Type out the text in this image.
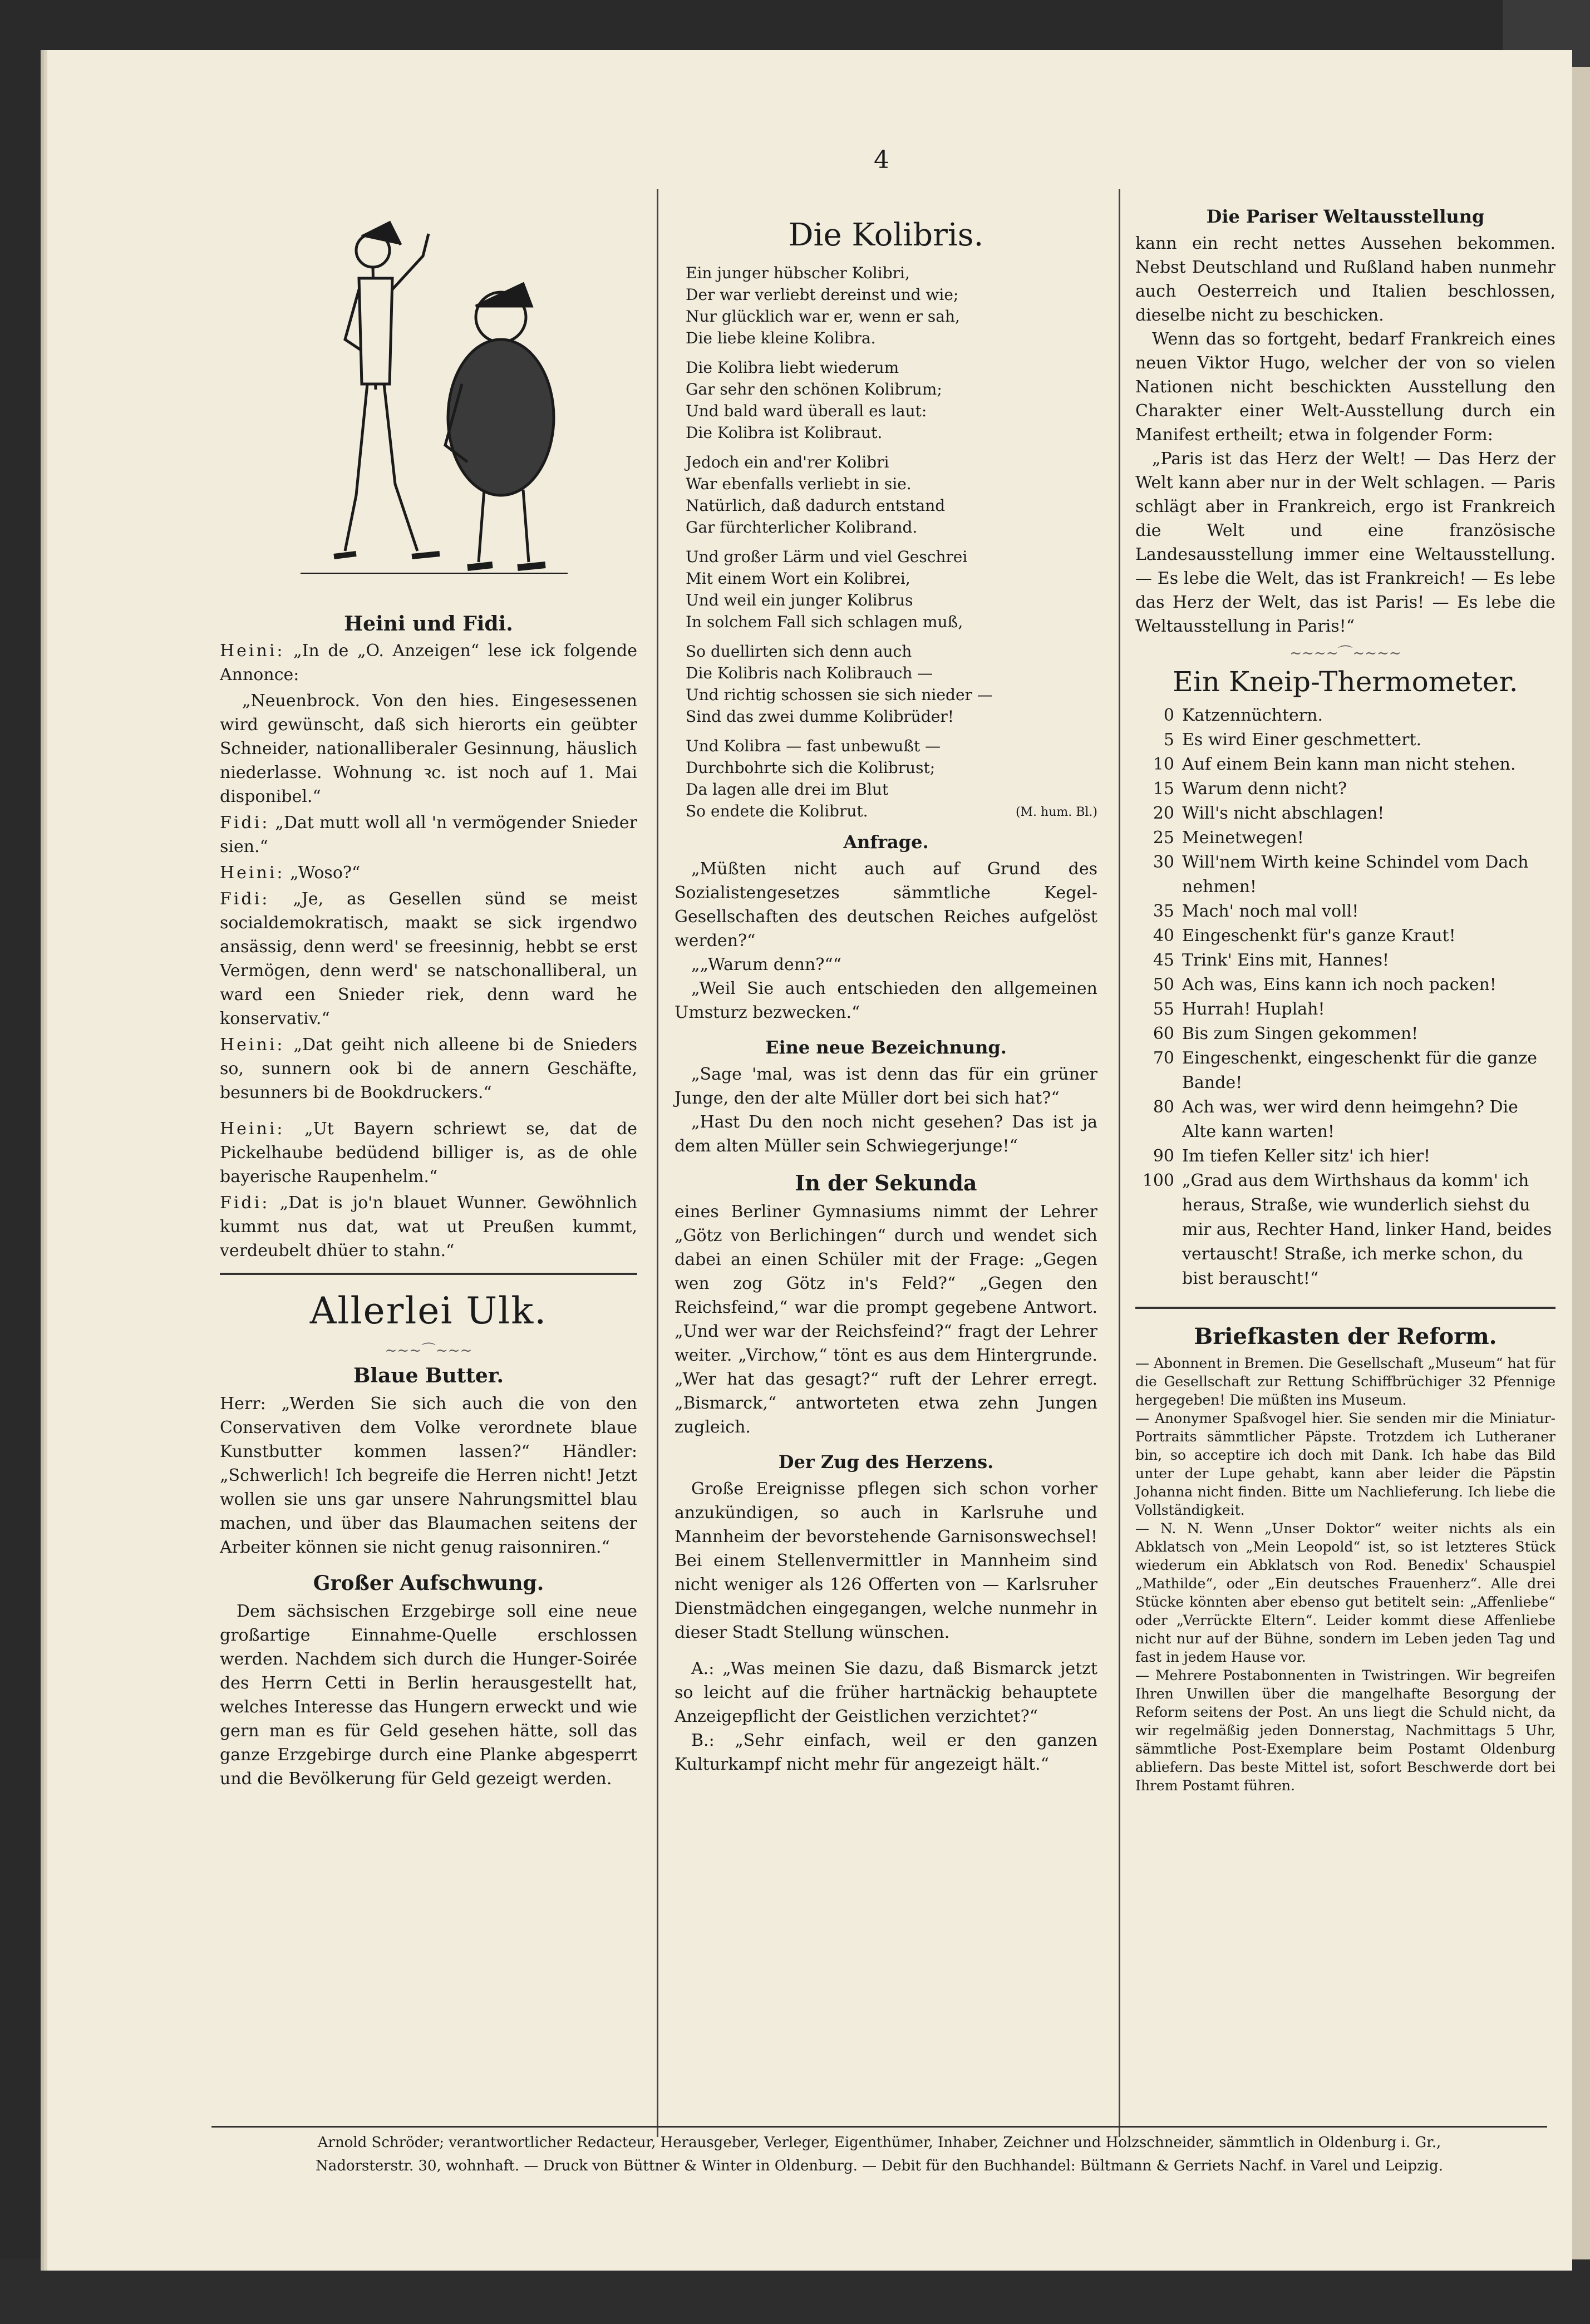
4
Heini und Fidi.

Heini: „In de „O. Anzeigen“ lese ick folgende Annonce:

„Neuenbrock. Von den hies. Eingesessenen wird gewünscht, daß sich hierorts ein geübter Schneider, nationalliberaler Gesinnung, häuslich niederlasse. Wohnung ꝛc. ist noch auf 1. Mai disponibel.“

Fidi: „Dat mutt woll all 'n vermögender Snieder sien.“

Heini: „Woso?“

Fidi: „Je, as Gesellen sünd se meist socialdemokratisch, maakt se sick irgendwo ansässig, denn werd' se freesinnig, hebbt se erst Vermögen, denn werd' se natschonalliberal, un ward een Snieder riek, denn ward he konservativ.“

Heini: „Dat geiht nich alleene bi de Snieders so, sunnern ook bi de annern Geschäfte, besunners bi de Bookdruckers.“

Heini: „Ut Bayern schriewt se, dat de Pickelhaube bedüdend billiger is, as de ohle bayerische Raupenhelm.“

Fidi: „Dat is jo'n blauet Wunner. Gewöhnlich kummt nus dat, wat ut Preußen kummt, verdeubelt dhüer to stahn.“

Allerlei Ulk.
~~~⌒~~~
Blaue Butter.

Herr: „Werden Sie sich auch die von den Conservativen dem Volke verordnete blaue Kunstbutter kommen lassen?“ Händler: „Schwerlich! Ich begreife die Herren nicht! Jetzt wollen sie uns gar unsere Nahrungsmittel blau machen, und über das Blaumachen seitens der Arbeiter können sie nicht genug raisonniren.“

Großer Aufschwung.

Dem sächsischen Erzgebirge soll eine neue großartige Einnahme-Quelle erschlossen werden. Nachdem sich durch die Hunger-Soirée des Herrn Cetti in Berlin herausgestellt hat, welches Interesse das Hungern erweckt und wie gern man es für Geld gesehen hätte, soll das ganze Erzgebirge durch eine Planke abgesperrt und die Bevölkerung für Geld gezeigt werden.

Die Kolibris.
Ein junger hübscher Kolibri,
Der war verliebt dereinst und wie;
Nur glücklich war er, wenn er sah,
Die liebe kleine Kolibra.
Die Kolibra liebt wiederum
Gar sehr den schönen Kolibrum;
Und bald ward überall es laut:
Die Kolibra ist Kolibraut.
Jedoch ein and'rer Kolibri
War ebenfalls verliebt in sie.
Natürlich, daß dadurch entstand
Gar fürchterlicher Kolibrand.
Und großer Lärm und viel Geschrei
Mit einem Wort ein Kolibrei,
Und weil ein junger Kolibrus
In solchem Fall sich schlagen muß,
So duellirten sich denn auch
Die Kolibris nach Kolibrauch —
Und richtig schossen sie sich nieder —
Sind das zwei dumme Kolibrüder!
Und Kolibra — fast unbewußt —
Durchbohrte sich die Kolibrust;
Da lagen alle drei im Blut
So endete die Kolibrut.	(M. hum. Bl.)
Anfrage.

„Müßten nicht auch auf Grund des Sozialistengesetzes sämmtliche Kegel-Gesellschaften des deutschen Reiches aufgelöst werden?“

„„Warum denn?““

„Weil Sie auch entschieden den allgemeinen Umsturz bezwecken.“

Eine neue Bezeichnung.

„Sage 'mal, was ist denn das für ein grüner Junge, den der alte Müller dort bei sich hat?“

„Hast Du den noch nicht gesehen? Das ist ja dem alten Müller sein Schwiegerjunge!“

In der Sekunda

eines Berliner Gymnasiums nimmt der Lehrer „Götz von Berlichingen“ durch und wendet sich dabei an einen Schüler mit der Frage: „Gegen wen zog Götz in's Feld?“ „Gegen den Reichsfeind,“ war die prompt gegebene Antwort. „Und wer war der Reichsfeind?“ fragt der Lehrer weiter. „Virchow,“ tönt es aus dem Hintergrunde. „Wer hat das gesagt?“ ruft der Lehrer erregt. „Bismarck,“ antworteten etwa zehn Jungen zugleich.

Der Zug des Herzens.

Große Ereignisse pflegen sich schon vorher anzukündigen, so auch in Karlsruhe und Mannheim der bevorstehende Garnisonswechsel! Bei einem Stellenvermittler in Mannheim sind nicht weniger als 126 Offerten von — Karlsruher Dienstmädchen eingegangen, welche nunmehr in dieser Stadt Stellung wünschen.

A.: „Was meinen Sie dazu, daß Bismarck jetzt so leicht auf die früher hartnäckig behauptete Anzeigepflicht der Geistlichen verzichtet?“

B.: „Sehr einfach, weil er den ganzen Kulturkampf nicht mehr für angezeigt hält.“

Die Pariser Weltausstellung

kann ein recht nettes Aussehen bekommen. Nebst Deutschland und Rußland haben nunmehr auch Oesterreich und Italien beschlossen, dieselbe nicht zu beschicken.

Wenn das so fortgeht, bedarf Frankreich eines neuen Viktor Hugo, welcher der von so vielen Nationen nicht beschickten Ausstellung den Charakter einer Welt-Ausstellung durch ein Manifest ertheilt; etwa in folgender Form:

„Paris ist das Herz der Welt! — Das Herz der Welt kann aber nur in der Welt schlagen. — Paris schlägt aber in Frankreich, ergo ist Frankreich die Welt und eine französische Landesausstellung immer eine Weltausstellung. — Es lebe die Welt, das ist Frankreich! — Es lebe das Herz der Welt, das ist Paris! — Es lebe die Weltausstellung in Paris!“

~~~~⌒~~~~
Ein Kneip-Thermometer.
0 Katzennüchtern.
5 Es wird Einer geschmettert.
10 Auf einem Bein kann man nicht stehen.
15 Warum denn nicht?
20 Will's nicht abschlagen!
25 Meinetwegen!
30 Will'nem Wirth keine Schindel vom Dach nehmen!
35 Mach' noch mal voll!
40 Eingeschenkt für's ganze Kraut!
45 Trink' Eins mit, Hannes!
50 Ach was, Eins kann ich noch packen!
55 Hurrah! Huplah!
60 Bis zum Singen gekommen!
70 Eingeschenkt, eingeschenkt für die ganze Bande!
80 Ach was, wer wird denn heimgehn? Die Alte kann warten!
90 Im tiefen Keller sitz' ich hier!
100 „Grad aus dem Wirthshaus da komm' ich heraus, Straße, wie wunderlich siehst du mir aus, Rechter Hand, linker Hand, beides vertauscht! Straße, ich merke schon, du bist berauscht!“
Briefkasten der Reform.

— Abonnent in Bremen. Die Gesellschaft „Museum“ hat für die Gesellschaft zur Rettung Schiffbrüchiger 32 Pfennige hergegeben! Die müßten ins Museum.

— Anonymer Spaßvogel hier. Sie senden mir die Miniatur-Portraits sämmtlicher Päpste. Trotzdem ich Lutheraner bin, so acceptire ich doch mit Dank. Ich habe das Bild unter der Lupe gehabt, kann aber leider die Päpstin Johanna nicht finden. Bitte um Nachlieferung. Ich liebe die Vollständigkeit.

— N. N. Wenn „Unser Doktor“ weiter nichts als ein Abklatsch von „Mein Leopold“ ist, so ist letzteres Stück wiederum ein Abklatsch von Rod. Benedix' Schauspiel „Mathilde“, oder „Ein deutsches Frauenherz“. Alle drei Stücke könnten aber ebenso gut betitelt sein: „Affenliebe“ oder „Verrückte Eltern“. Leider kommt diese Affenliebe nicht nur auf der Bühne, sondern im Leben jeden Tag und fast in jedem Hause vor.

— Mehrere Postabonnenten in Twistringen. Wir begreifen Ihren Unwillen über die mangelhafte Besorgung der Reform seitens der Post. An uns liegt die Schuld nicht, da wir regelmäßig jeden Donnerstag, Nachmittags 5 Uhr, sämmtliche Post-Exemplare beim Postamt Oldenburg abliefern. Das beste Mittel ist, sofort Beschwerde dort bei Ihrem Postamt führen.

Arnold Schröder; verantwortlicher Redacteur, Herausgeber, Verleger, Eigenthümer, Inhaber, Zeichner und Holzschneider, sämmtlich in Oldenburg i. Gr.,
Nadorsterstr. 30, wohnhaft. — Druck von Büttner & Winter in Oldenburg. — Debit für den Buchhandel: Bültmann & Gerriets Nachf. in Varel und Leipzig.
